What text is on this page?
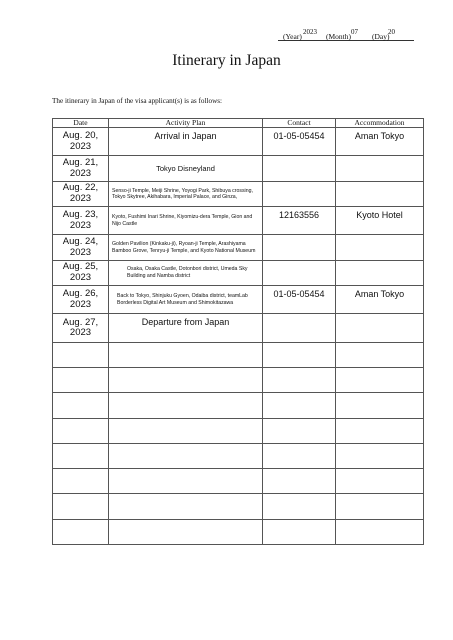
(Year) 2023 (Month) 07 (Day)
20
Itinerary in Japan
The itinerary in Japan of the visa applicant(s) is as follows:
Date	Activity Plan	Contact	Accommodation
Aug. 20, 2023	Arrival in Japan	01-05-05454	Aman Tokyo
Aug. 21, 2023	Tokyo Disneyland		
Aug. 22, 2023	Senso-ji Temple, Meiji Shrine, Yoyogi Park, Shibuya crossing, Tokyo Skytree, Akihabara, Imperial Palace, and Ginza,		
Aug. 23, 2023	Kyoto, Fushimi Inari Shrine, Kiyomizu-dera Temple, Gion and Nijo Castle	12163556	Kyoto Hotel
Aug. 24, 2023	Golden Pavilion (Kinkaku-ji), Ryoan-ji Temple, Arashiyama Bamboo Grove, Tenryu-ji Temple, and Kyoto National Museum		
Aug. 25, 2023	Osaka, Osaka Castle, Dotonbori district, Umeda Sky Building and Namba district		
Aug. 26, 2023	Back to Tokyo, Shinjuku Gyoen, Odaiba district, teamLab Borderless Digital Art Museum and Shimokitazawa	01-05-05454	Aman Tokyo
Aug. 27, 2023	Departure from Japan		
